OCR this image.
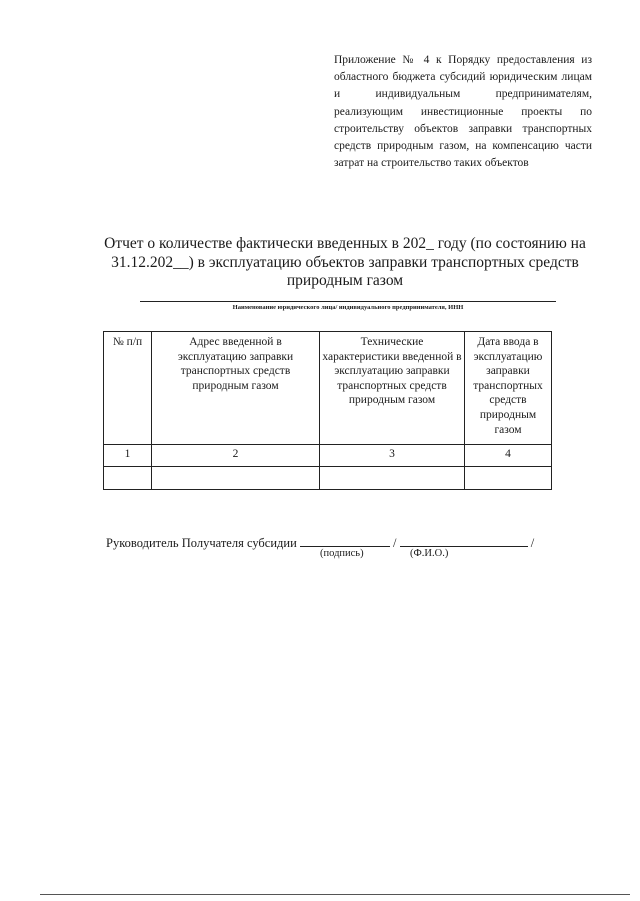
Приложение № 4 к Порядку предоставления из областного бюджета субсидий юридическим лицам и индивидуальным предпринимателям, реализующим инвестиционные проекты по строительству объектов заправки транспортных средств природным газом, на компенсацию части затрат на строительство таких объектов
Отчет о количестве фактически введенных в 202_ году (по состоянию на 31.12.202__) в эксплуатацию объектов заправки транспортных средств природным газом
Наименование юридического лица/ индивидуального предпринимателя, ИНН
№ п/п	Адрес введенной в эксплуатацию заправки транспортных средств природным газом	Технические характеристики введенной в эксплуатацию заправки транспортных средств природным газом	Дата ввода в эксплуатацию заправки транспортных средств природным газом
1	2	3	4

Руководитель Получателя субсидии	/	/
(подпись)	(Ф.И.О.)
